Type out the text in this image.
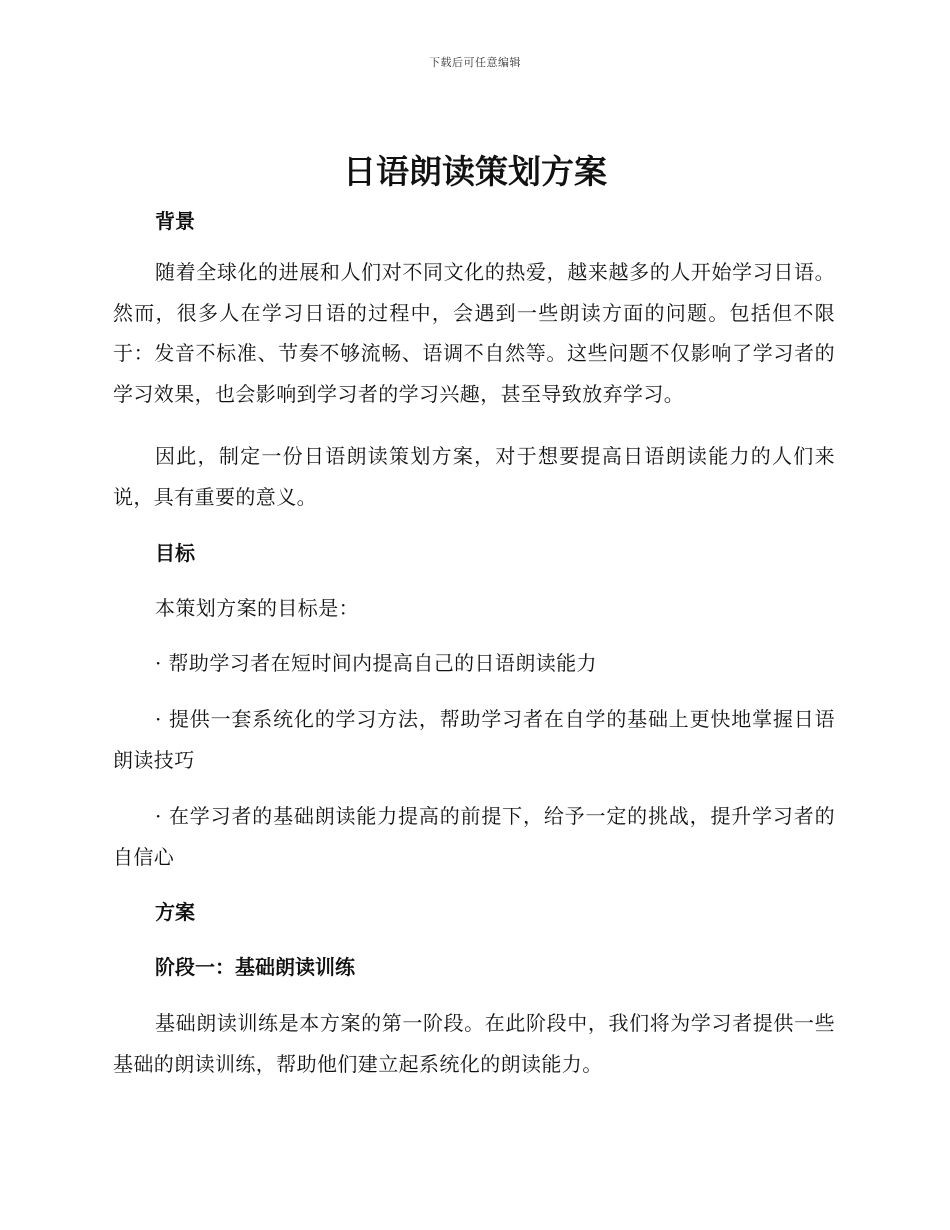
下载后可任意编辑
日语朗读策划方案
背景

随着全球化的进展和人们对不同文化的热爱，越来越多的人开始学习日语。然而，很多人在学习日语的过程中，会遇到一些朗读方面的问题。包括但不限于：发音不标准、节奏不够流畅、语调不自然等。这些问题不仅影响了学习者的学习效果，也会影响到学习者的学习兴趣，甚至导致放弃学习。

因此，制定一份日语朗读策划方案，对于想要提高日语朗读能力的人们来说，具有重要的意义。

目标

本策划方案的目标是：

· 帮助学习者在短时间内提高自己的日语朗读能力

· 提供一套系统化的学习方法，帮助学习者在自学的基础上更快地掌握日语朗读技巧

· 在学习者的基础朗读能力提高的前提下，给予一定的挑战，提升学习者的自信心

方案
阶段一：基础朗读训练

基础朗读训练是本方案的第一阶段。在此阶段中，我们将为学习者提供一些基础的朗读训练，帮助他们建立起系统化的朗读能力。
